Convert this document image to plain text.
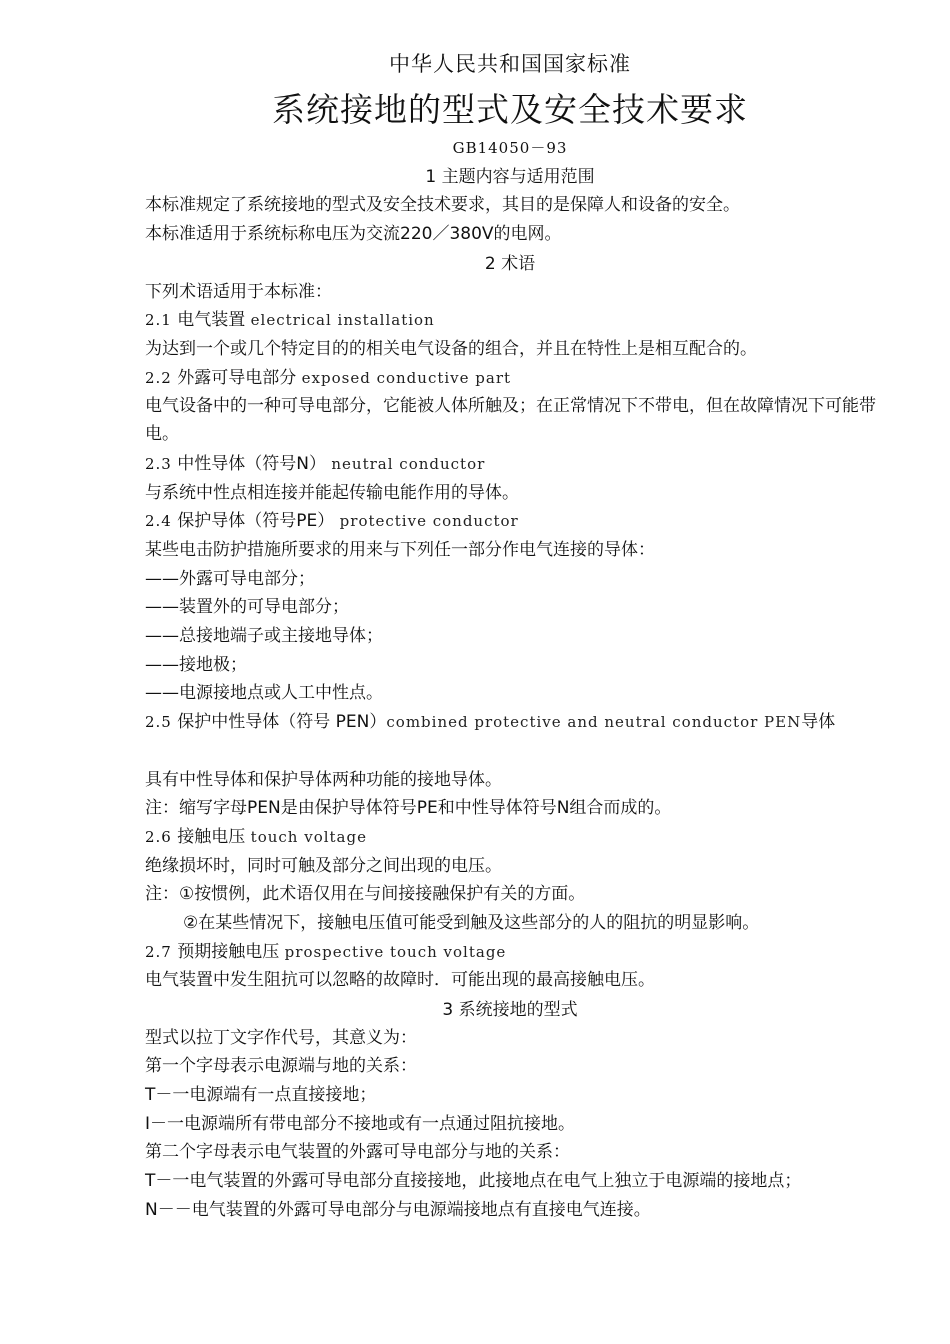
中华人民共和国国家标准
系统接地的型式及安全技术要求
GB14050－93
1 主题内容与适用范围
本标准规定了系统接地的型式及安全技术要求，其目的是保障人和设备的安全。
本标准适用于系统标称电压为交流220／380V的电网。
2 术语
下列术语适用于本标准：
2.1 电气装置 electrical installation
为达到一个或几个特定目的的相关电气设备的组合，并且在特性上是相互配合的。
2.2 外露可导电部分 exposed conductive part
电气设备中的一种可导电部分，它能被人体所触及；在正常情况下不带电，但在故障情况下可能带电。
2.3 中性导体（符号N） neutral conductor
与系统中性点相连接并能起传输电能作用的导体。
2.4 保护导体（符号PE） protective conductor
某些电击防护措施所要求的用来与下列任一部分作电气连接的导体：
——外露可导电部分；
——装置外的可导电部分；
——总接地端子或主接地导体；
——接地极；
——电源接地点或人工中性点。
2.5 保护中性导体（符号 PEN）combined protective and neutral conductor PEN导体
具有中性导体和保护导体两种功能的接地导体。
注：缩写字母PEN是由保护导体符号PE和中性导体符号N组合而成的。
2.6 接触电压 touch voltage
绝缘损坏时，同时可触及部分之间出现的电压。
注：①按惯例，此术语仅用在与间接接融保护有关的方面。
②在某些情况下，接触电压值可能受到触及这些部分的人的阻抗的明显影响。
2.7 预期接触电压 prospective touch voltage
电气装置中发生阻抗可以忽略的故障时．可能出现的最高接触电压。
3 系统接地的型式
型式以拉丁文字作代号，其意义为：
第一个字母表示电源端与地的关系：
T－一电源端有一点直接接地；
I－一电源端所有带电部分不接地或有一点通过阻抗接地。
第二个字母表示电气装置的外露可导电部分与地的关系：
T－一电气装置的外露可导电部分直接接地，此接地点在电气上独立于电源端的接地点；
N－－电气装置的外露可导电部分与电源端接地点有直接电气连接。
